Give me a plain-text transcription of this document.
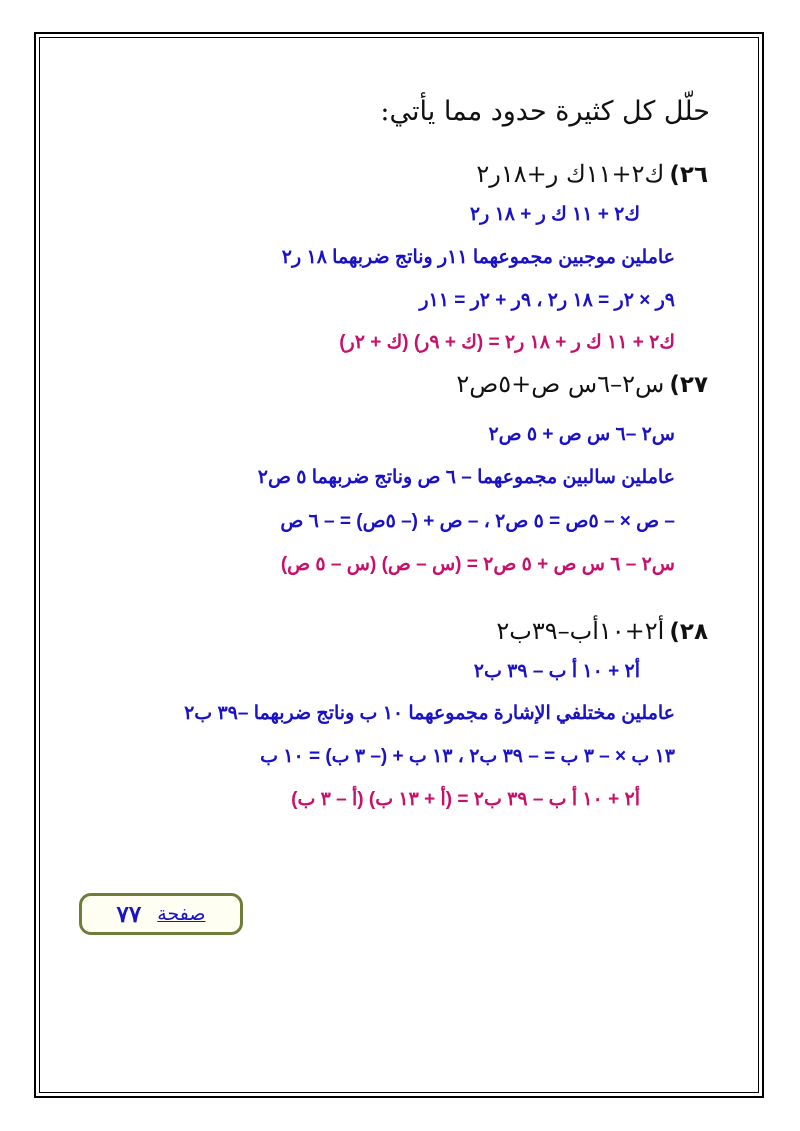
حلّل كل كثيرة حدود مما يأتي:
٢٦) ك٢+١١ك ر+١٨ر٢
ك٢ + ١١ ك ر + ١٨ ر٢
عاملين موجبين مجموعهما ١١ر وناتج ضربهما ١٨ ر٢
٩ر × ٢ر = ١٨ ر٢ ، ٩ر + ٢ر = ١١ر
ك٢ + ١١ ك ر + ١٨ ر٢ = (ك + ٩ر) (ك + ٢ر)
٢٧) س٢–٦س ص+٥ص٢
س٢ –٦ س ص + ٥ ص٢
عاملين سالبين مجموعهما – ٦ ص وناتج ضربهما ٥ ص٢
– ص × – ٥ص = ٥ ص٢ ، – ص + (– ٥ص) = – ٦ ص
س٢ – ٦ س ص + ٥ ص٢ = (س – ص) (س – ٥ ص)
٢٨) أ٢+١٠أب–٣٩ب٢
أ٢ + ١٠ أ ب – ٣٩ ب٢
عاملين مختلفي الإشارة مجموعهما ١٠ ب وناتج ضربهما –٣٩ ب٢
١٣ ب × – ٣ ب = – ٣٩ ب٢ ، ١٣ ب + (– ٣ ب) = ١٠ ب
أ٢ + ١٠ أ ب – ٣٩ ب٢ = (أ + ١٣ ب) (أ – ٣ ب)
صفحة
٧٧
